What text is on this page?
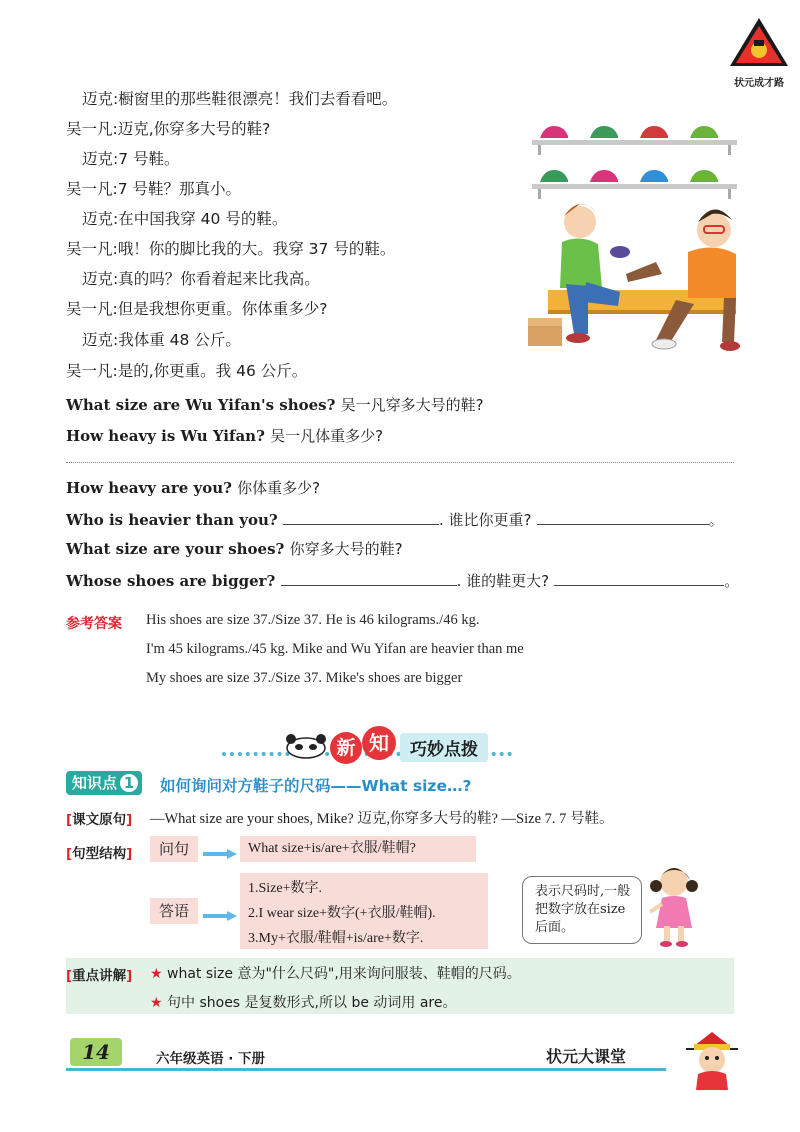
状元成才路
迈克:橱窗里的那些鞋很漂亮！我们去看看吧。
吴一凡:迈克,你穿多大号的鞋?
迈克:7 号鞋。
吴一凡:7 号鞋？那真小。
迈克:在中国我穿 40 号的鞋。
吴一凡:哦！你的脚比我的大。我穿 37 号的鞋。
迈克:真的吗？你看着起来比我高。
吴一凡:但是我想你更重。你体重多少?
迈克:我体重 48 公斤。
吴一凡:是的,你更重。我 46 公斤。
What size are Wu Yifan's shoes? 吴一凡穿多大号的鞋?
How heavy is Wu Yifan? 吴一凡体重多少?
How heavy are you? 你体重多少?
Who is heavier than you?	. 谁比你更重?	。
What size are your shoes? 你穿多大号的鞋?
Whose shoes are bigger?	. 谁的鞋更大?	。
参考答案 His shoes are size 37./Size 37. He is 46 kilograms./46 kg.
I'm 45 kilograms./45 kg. Mike and Wu Yifan are heavier than me
My shoes are size 37./Size 37. Mike's shoes are bigger
新 知	巧妙点拨
知识点 1	如何询问对方鞋子的尺码——What size…?
[课文原句] —What size are your shoes, Mike? 迈克,你穿多大号的鞋? —Size 7. 7 号鞋。
[句型结构]	问句	What size+is/are+衣服/鞋帽?
答语
1.Size+数字.
2.I wear size+数字(+衣服/鞋帽).
3.My+衣服/鞋帽+is/are+数字.
表示尺码时,一般把数字放在size后面。
[重点讲解] ★ what size 意为"什么尺码",用来询问服装、鞋帽的尺码。
★ 句中 shoes 是复数形式,所以 be 动词用 are。
14	六年级英语 · 下册	状元大课堂
